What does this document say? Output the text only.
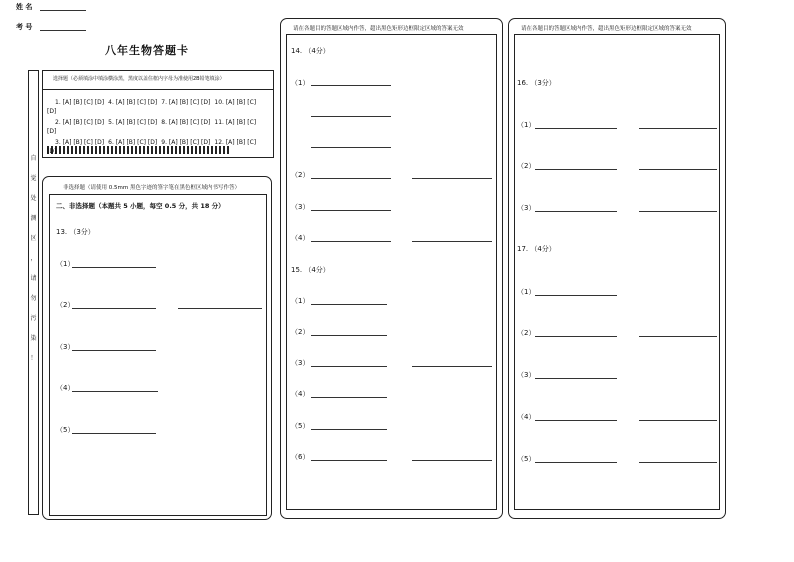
姓 名
考 号
八年生物答题卡
自
觉
处
测
区
，
请
勿
污
染
！
选择题（必须填涂中填涂横涂黑，黑度以盖住框内字母为准使用2B铅笔填涂）
1. [A] [B] [C] [D] 4. [A] [B] [C] [D] 7. [A] [B] [C] [D] 10. [A] [B] [C]
[D]
2. [A] [B] [C] [D] 5. [A] [B] [C] [D] 8. [A] [B] [C] [D] 11. [A] [B] [C]
[D]
3. [A] [B] [C] [D] 6. [A] [B] [C] [D] 9. [A] [B] [C] [D] 12. [A] [B] [C]
[D]
非选择题（请使用 0.5mm 黑色字迹的签字笔在黑色框区域内书写作答）
二、非选择题（本题共 5 小题，每空 0.5 分，共 18 分）
13. （3分）
（1）
（2）
（3）
（4）
（5）
请在各题目的答题区域内作答，超出黑色矩形边框限定区域的答案无效
14. （4分）
（1）
（2）
（3）
（4）
15. （4分）
（1）
（2）
（3）
（4）
（5）
（6）
请在各题目的答题区域内作答，超出黑色矩形边框限定区域的答案无效
16. （3分）
（1）
（2）
（3）
17. （4分）
（1）
（2）
（3）
（4）
（5）
